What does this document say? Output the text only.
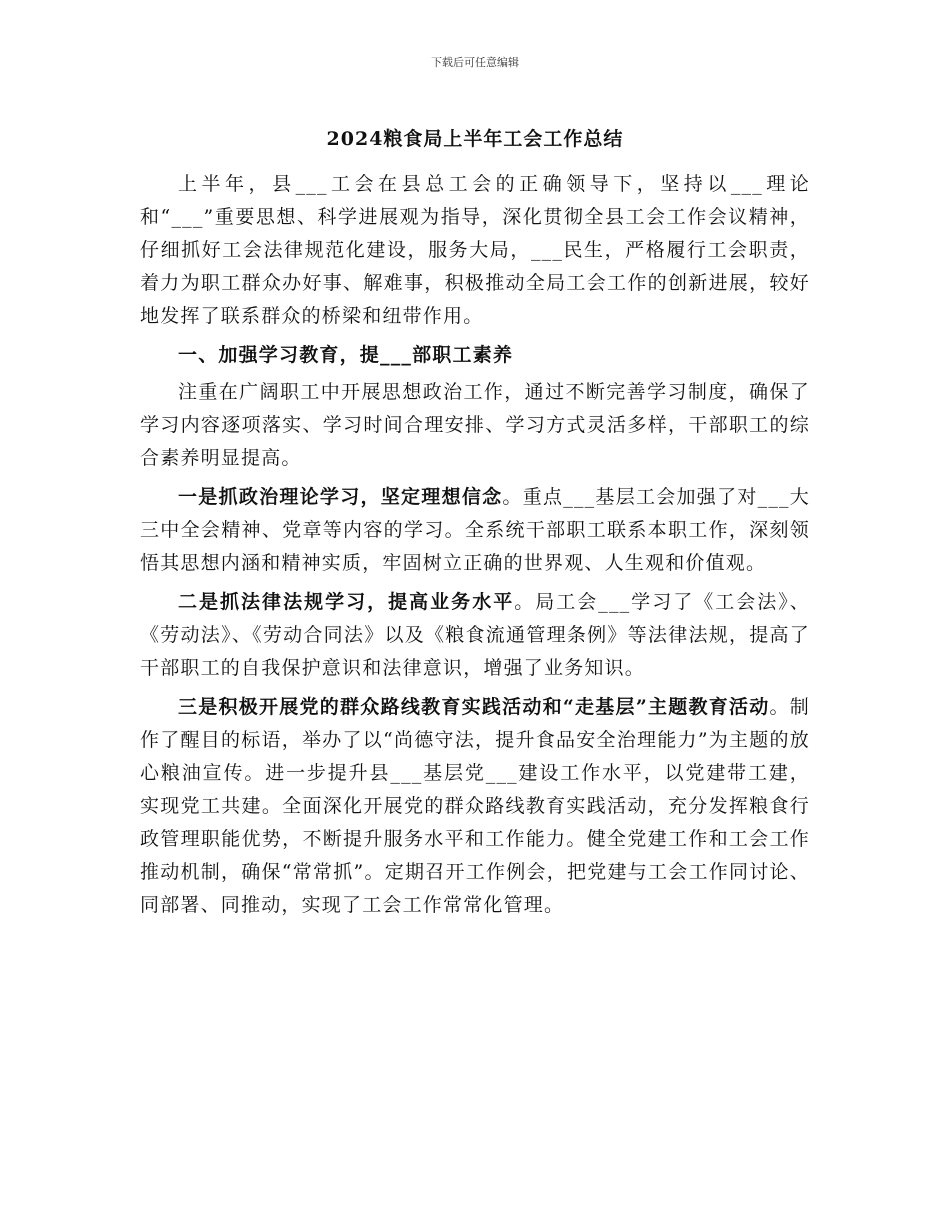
下载后可任意编辑
2024粮食局上半年工会工作总结

上半年，县___工会在县总工会的正确领导下，坚持以___理论和“___”重要思想、科学进展观为指导，深化贯彻全县工会工作会议精神，仔细抓好工会法律规范化建设，服务大局，___民生，严格履行工会职责，着力为职工群众办好事、解难事，积极推动全局工会工作的创新进展，较好地发挥了联系群众的桥梁和纽带作用。

一、加强学习教育，提___部职工素养

注重在广阔职工中开展思想政治工作，通过不断完善学习制度，确保了学习内容逐项落实、学习时间合理安排、学习方式灵活多样，干部职工的综合素养明显提高。

一是抓政治理论学习，坚定理想信念。重点___基层工会加强了对___大三中全会精神、党章等内容的学习。全系统干部职工联系本职工作，深刻领悟其思想内涵和精神实质，牢固树立正确的世界观、人生观和价值观。

二是抓法律法规学习，提高业务水平。局工会___学习了《工会法》、《劳动法》、《劳动合同法》以及《粮食流通管理条例》等法律法规，提高了干部职工的自我保护意识和法律意识，增强了业务知识。

三是积极开展党的群众路线教育实践活动和“走基层”主题教育活动。制作了醒目的标语，举办了以“尚德守法，提升食品安全治理能力”为主题的放心粮油宣传。进一步提升县___基层党___建设工作水平，以党建带工建，实现党工共建。全面深化开展党的群众路线教育实践活动，充分发挥粮食行政管理职能优势，不断提升服务水平和工作能力。健全党建工作和工会工作推动机制，确保“常常抓”。定期召开工作例会，把党建与工会工作同讨论、同部署、同推动，实现了工会工作常常化管理。
